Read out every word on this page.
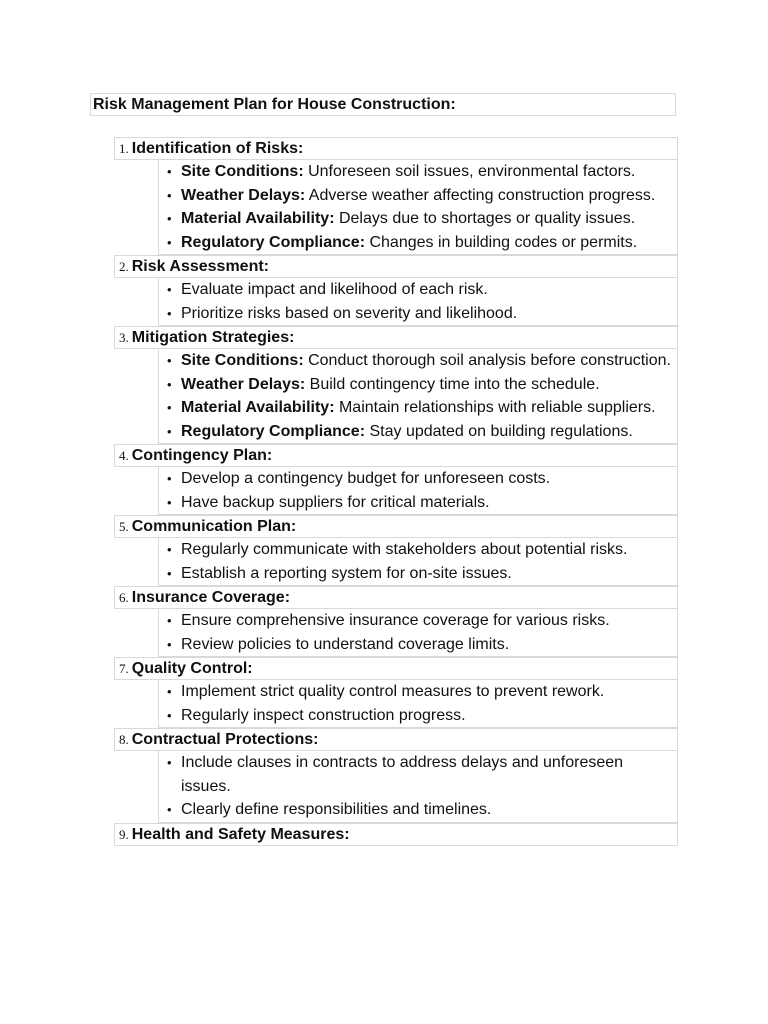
Risk Management Plan for House Construction:
1. Identification of Risks:
• Site Conditions: Unforeseen soil issues, environmental factors.
• Weather Delays: Adverse weather affecting construction progress.
• Material Availability: Delays due to shortages or quality issues.
• Regulatory Compliance: Changes in building codes or permits.
2. Risk Assessment:
• Evaluate impact and likelihood of each risk.
• Prioritize risks based on severity and likelihood.
3. Mitigation Strategies:
• Site Conditions: Conduct thorough soil analysis before construction.
• Weather Delays: Build contingency time into the schedule.
• Material Availability: Maintain relationships with reliable suppliers.
• Regulatory Compliance: Stay updated on building regulations.
4. Contingency Plan:
• Develop a contingency budget for unforeseen costs.
• Have backup suppliers for critical materials.
5. Communication Plan:
• Regularly communicate with stakeholders about potential risks.
• Establish a reporting system for on-site issues.
6. Insurance Coverage:
• Ensure comprehensive insurance coverage for various risks.
• Review policies to understand coverage limits.
7. Quality Control:
• Implement strict quality control measures to prevent rework.
• Regularly inspect construction progress.
8. Contractual Protections:
• Include clauses in contracts to address delays and unforeseen issues.
• Clearly define responsibilities and timelines.
9. Health and Safety Measures:
